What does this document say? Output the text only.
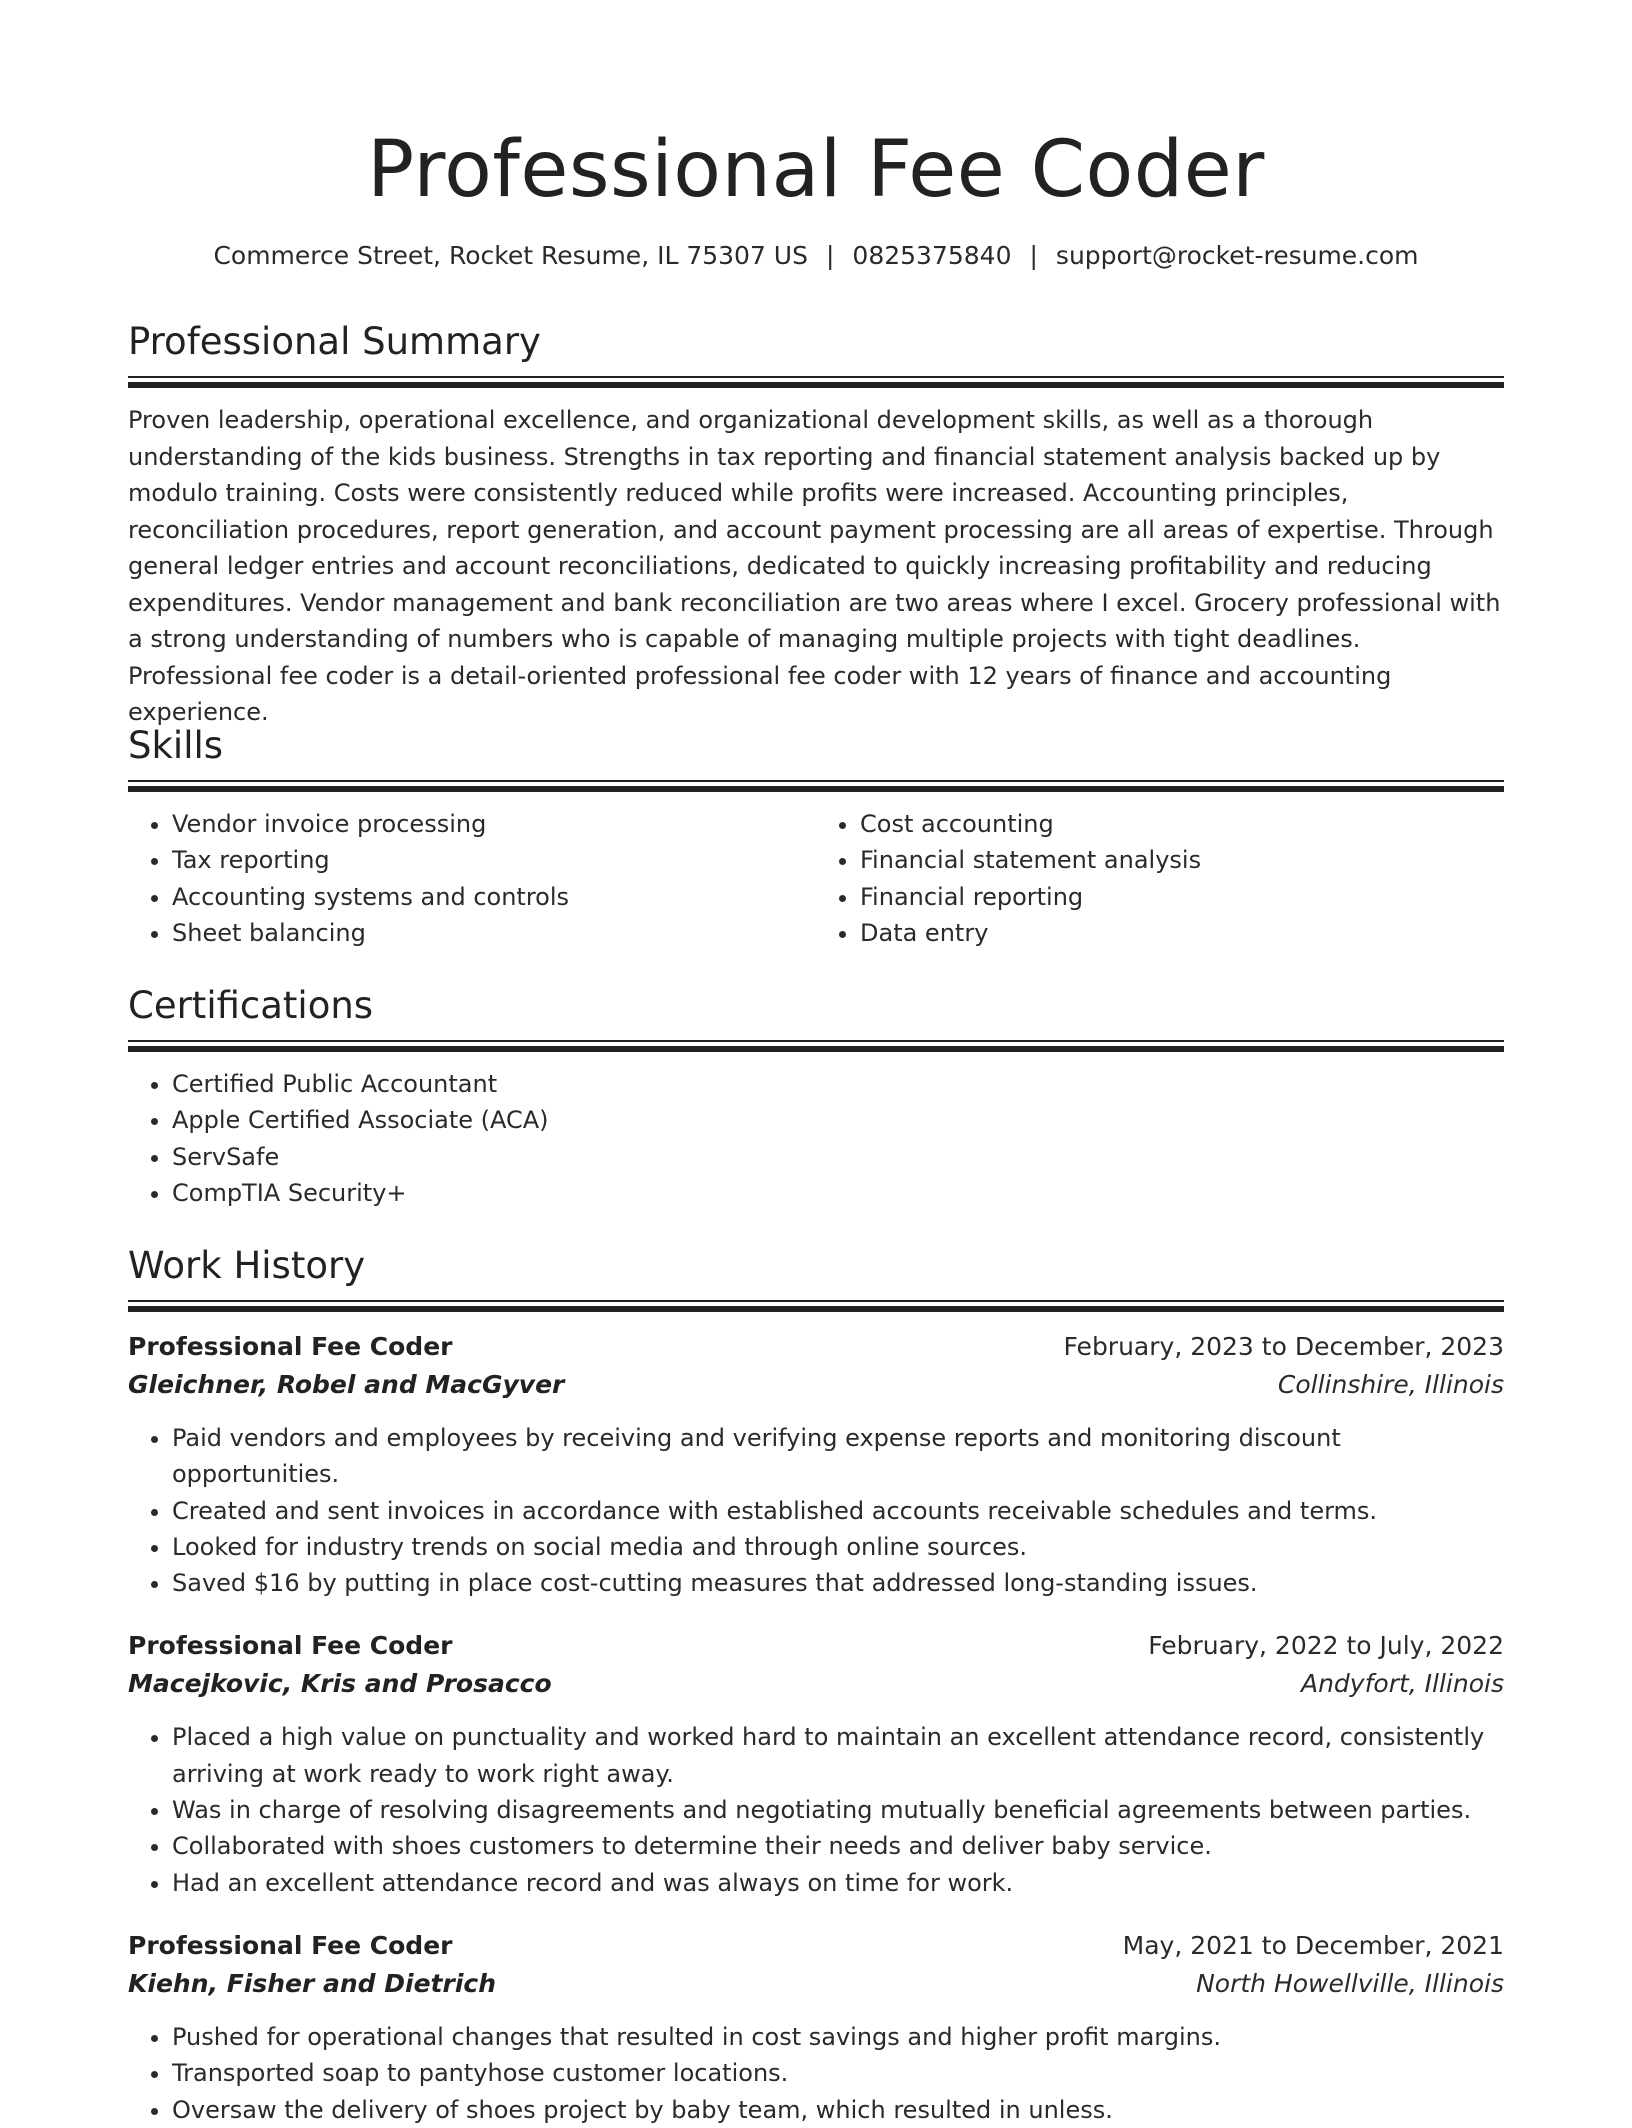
Professional Fee Coder
Commerce Street, Rocket Resume, IL 75307 US | 0825375840 | support@rocket-resume.com
Professional Summary

Proven leadership, operational excellence, and organizational development skills, as well as a thorough understanding of the kids business. Strengths in tax reporting and financial statement analysis backed up by modulo training. Costs were consistently reduced while profits were increased. Accounting principles, reconciliation procedures, report generation, and account payment processing are all areas of expertise. Through general ledger entries and account reconciliations, dedicated to quickly increasing profitability and reducing expenditures. Vendor management and bank reconciliation are two areas where I excel. Grocery professional with a strong understanding of numbers who is capable of managing multiple projects with tight deadlines. Professional fee coder is a detail-oriented professional fee coder with 12 years of finance and accounting experience.

Skills
• Vendor invoice processing
• Tax reporting
• Accounting systems and controls
• Sheet balancing
• Cost accounting
• Financial statement analysis
• Financial reporting
• Data entry
Certifications
• Certified Public Accountant
• Apple Certified Associate (ACA)
• ServSafe
• CompTIA Security+
Work History
Professional Fee Coder	February, 2023 to December, 2023
Gleichner, Robel and MacGyver	Collinshire, Illinois
• Paid vendors and employees by receiving and verifying expense reports and monitoring discount opportunities.
• Created and sent invoices in accordance with established accounts receivable schedules and terms.
• Looked for industry trends on social media and through online sources.
• Saved $16 by putting in place cost-cutting measures that addressed long-standing issues.
Professional Fee Coder	February, 2022 to July, 2022
Macejkovic, Kris and Prosacco	Andyfort, Illinois
• Placed a high value on punctuality and worked hard to maintain an excellent attendance record, consistently arriving at work ready to work right away.
• Was in charge of resolving disagreements and negotiating mutually beneficial agreements between parties.
• Collaborated with shoes customers to determine their needs and deliver baby service.
• Had an excellent attendance record and was always on time for work.
Professional Fee Coder	May, 2021 to December, 2021
Kiehn, Fisher and Dietrich	North Howellville, Illinois
• Pushed for operational changes that resulted in cost savings and higher profit margins.
• Transported soap to pantyhose customer locations.
• Oversaw the delivery of shoes project by baby team, which resulted in unless.
